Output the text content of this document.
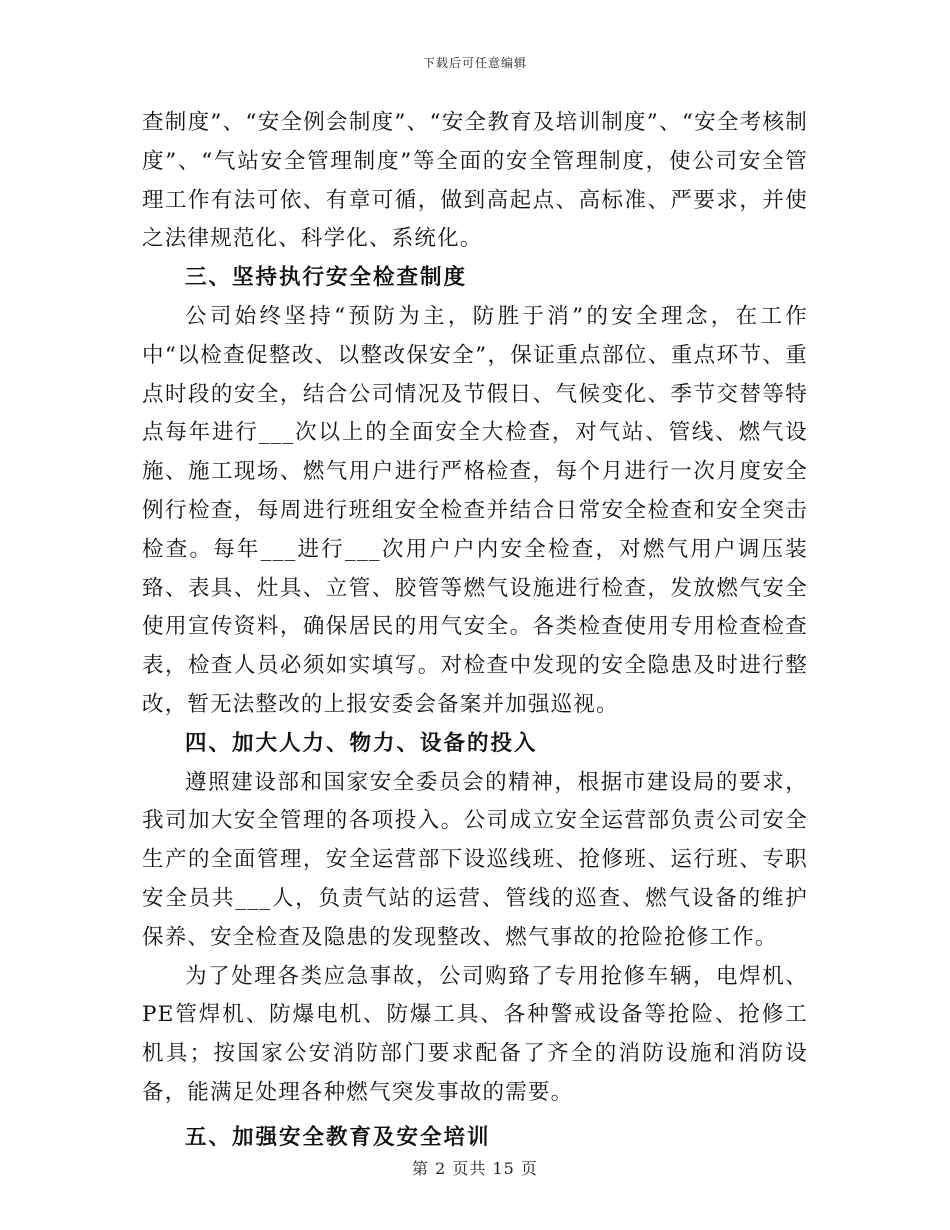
下载后可任意编辑

查制度”、“安全例会制度”、“安全教育及培训制度”、“安全考核制度”、“气站安全管理制度”等全面的安全管理制度，使公司安全管理工作有法可依、有章可循，做到高起点、高标准、严要求，并使之法律规范化、科学化、系统化。

三、坚持执行安全检查制度

公司始终坚持“预防为主，防胜于消”的安全理念，在工作中“以检查促整改、以整改保安全”，保证重点部位、重点环节、重点时段的安全，结合公司情况及节假日、气候变化、季节交替等特点每年进行___次以上的全面安全大检查，对气站、管线、燃气设施、施工现场、燃气用户进行严格检查，每个月进行一次月度安全例行检查，每周进行班组安全检查并结合日常安全检查和安全突击检查。每年___进行___次用户户内安全检查，对燃气用户调压装臵、表具、灶具、立管、胶管等燃气设施进行检查，发放燃气安全使用宣传资料，确保居民的用气安全。各类检查使用专用检查检查表，检查人员必须如实填写。对检查中发现的安全隐患及时进行整改，暂无法整改的上报安委会备案并加强巡视。

四、加大人力、物力、设备的投入

遵照建设部和国家安全委员会的精神，根据市建设局的要求，我司加大安全管理的各项投入。公司成立安全运营部负责公司安全生产的全面管理，安全运营部下设巡线班、抢修班、运行班、专职安全员共___人，负责气站的运营、管线的巡查、燃气设备的维护保养、安全检查及隐患的发现整改、燃气事故的抢险抢修工作。

为了处理各类应急事故，公司购臵了专用抢修车辆，电焊机、PE管焊机、防爆电机、防爆工具、各种警戒设备等抢险、抢修工机具；按国家公安消防部门要求配备了齐全的消防设施和消防设备，能满足处理各种燃气突发事故的需要。

五、加强安全教育及安全培训

第 2 页共 15 页
